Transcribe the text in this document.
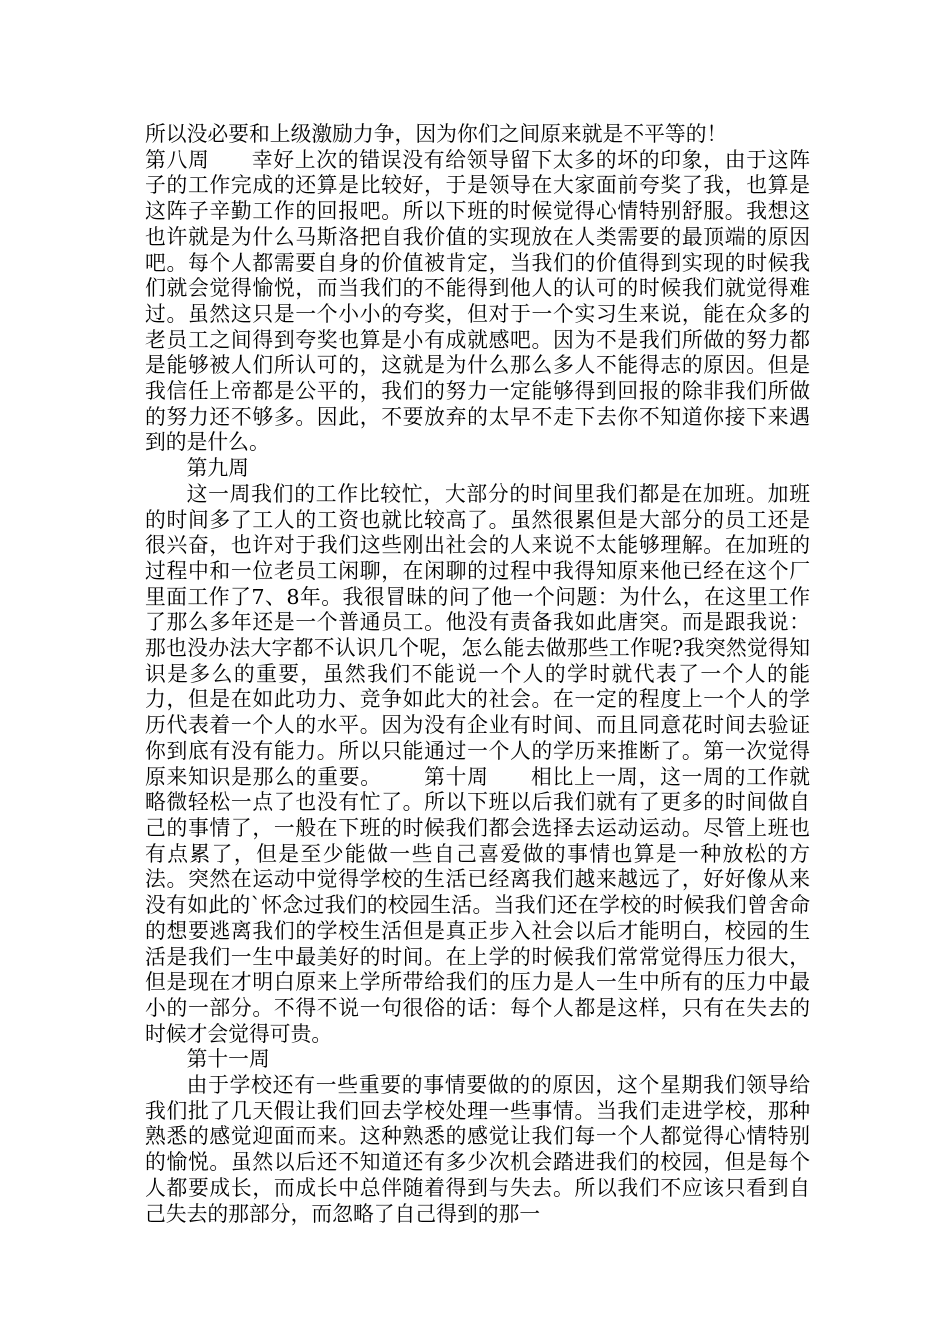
所以没必要和上级激励力争，因为你们之间原来就是不平等的！

第八周 幸好上次的错误没有给领导留下太多的坏的印象，由于这阵子的工作完成的还算是比较好，于是领导在大家面前夸奖了我，也算是这阵子辛勤工作的回报吧。所以下班的时候觉得心情特别舒服。我想这也许就是为什么马斯洛把自我价值的实现放在人类需要的最顶端的原因吧。每个人都需要自身的价值被肯定，当我们的价值得到实现的时候我们就会觉得愉悦，而当我们的不能得到他人的认可的时候我们就觉得难过。虽然这只是一个小小的夸奖，但对于一个实习生来说，能在众多的老员工之间得到夸奖也算是小有成就感吧。因为不是我们所做的努力都是能够被人们所认可的，这就是为什么那么多人不能得志的原因。但是我信任上帝都是公平的，我们的努力一定能够得到回报的除非我们所做的努力还不够多。因此，不要放弃的太早不走下去你不知道你接下来遇到的是什么。

第九周

这一周我们的工作比较忙，大部分的时间里我们都是在加班。加班的时间多了工人的工资也就比较高了。虽然很累但是大部分的员工还是很兴奋，也许对于我们这些刚出社会的人来说不太能够理解。在加班的过程中和一位老员工闲聊，在闲聊的过程中我得知原来他已经在这个厂里面工作了7、8年。我很冒昧的问了他一个问题：为什么，在这里工作了那么多年还是一个普通员工。他没有责备我如此唐突。而是跟我说：那也没办法大字都不认识几个呢，怎么能去做那些工作呢?我突然觉得知识是多么的重要，虽然我们不能说一个人的学时就代表了一个人的能力，但是在如此功力、竞争如此大的社会。在一定的程度上一个人的学历代表着一个人的水平。因为没有企业有时间、而且同意花时间去验证你到底有没有能力。所以只能通过一个人的学历来推断了。第一次觉得原来知识是那么的重要。 第十周 相比上一周，这一周的工作就略微轻松一点了也没有忙了。所以下班以后我们就有了更多的时间做自己的事情了，一般在下班的时候我们都会选择去运动运动。尽管上班也有点累了，但是至少能做一些自己喜爱做的事情也算是一种放松的方法。突然在运动中觉得学校的生活已经离我们越来越远了，好好像从来没有如此的`怀念过我们的校园生活。当我们还在学校的时候我们曾舍命的想要逃离我们的学校生活但是真正步入社会以后才能明白，校园的生活是我们一生中最美好的时间。在上学的时候我们常常觉得压力很大，但是现在才明白原来上学所带给我们的压力是人一生中所有的压力中最小的一部分。不得不说一句很俗的话：每个人都是这样，只有在失去的时候才会觉得可贵。

第十一周

由于学校还有一些重要的事情要做的的原因，这个星期我们领导给我们批了几天假让我们回去学校处理一些事情。当我们走进学校，那种熟悉的感觉迎面而来。这种熟悉的感觉让我们每一个人都觉得心情特别的愉悦。虽然以后还不知道还有多少次机会踏进我们的校园，但是每个人都要成长，而成长中总伴随着得到与失去。所以我们不应该只看到自己失去的那部分，而忽略了自己得到的那一
